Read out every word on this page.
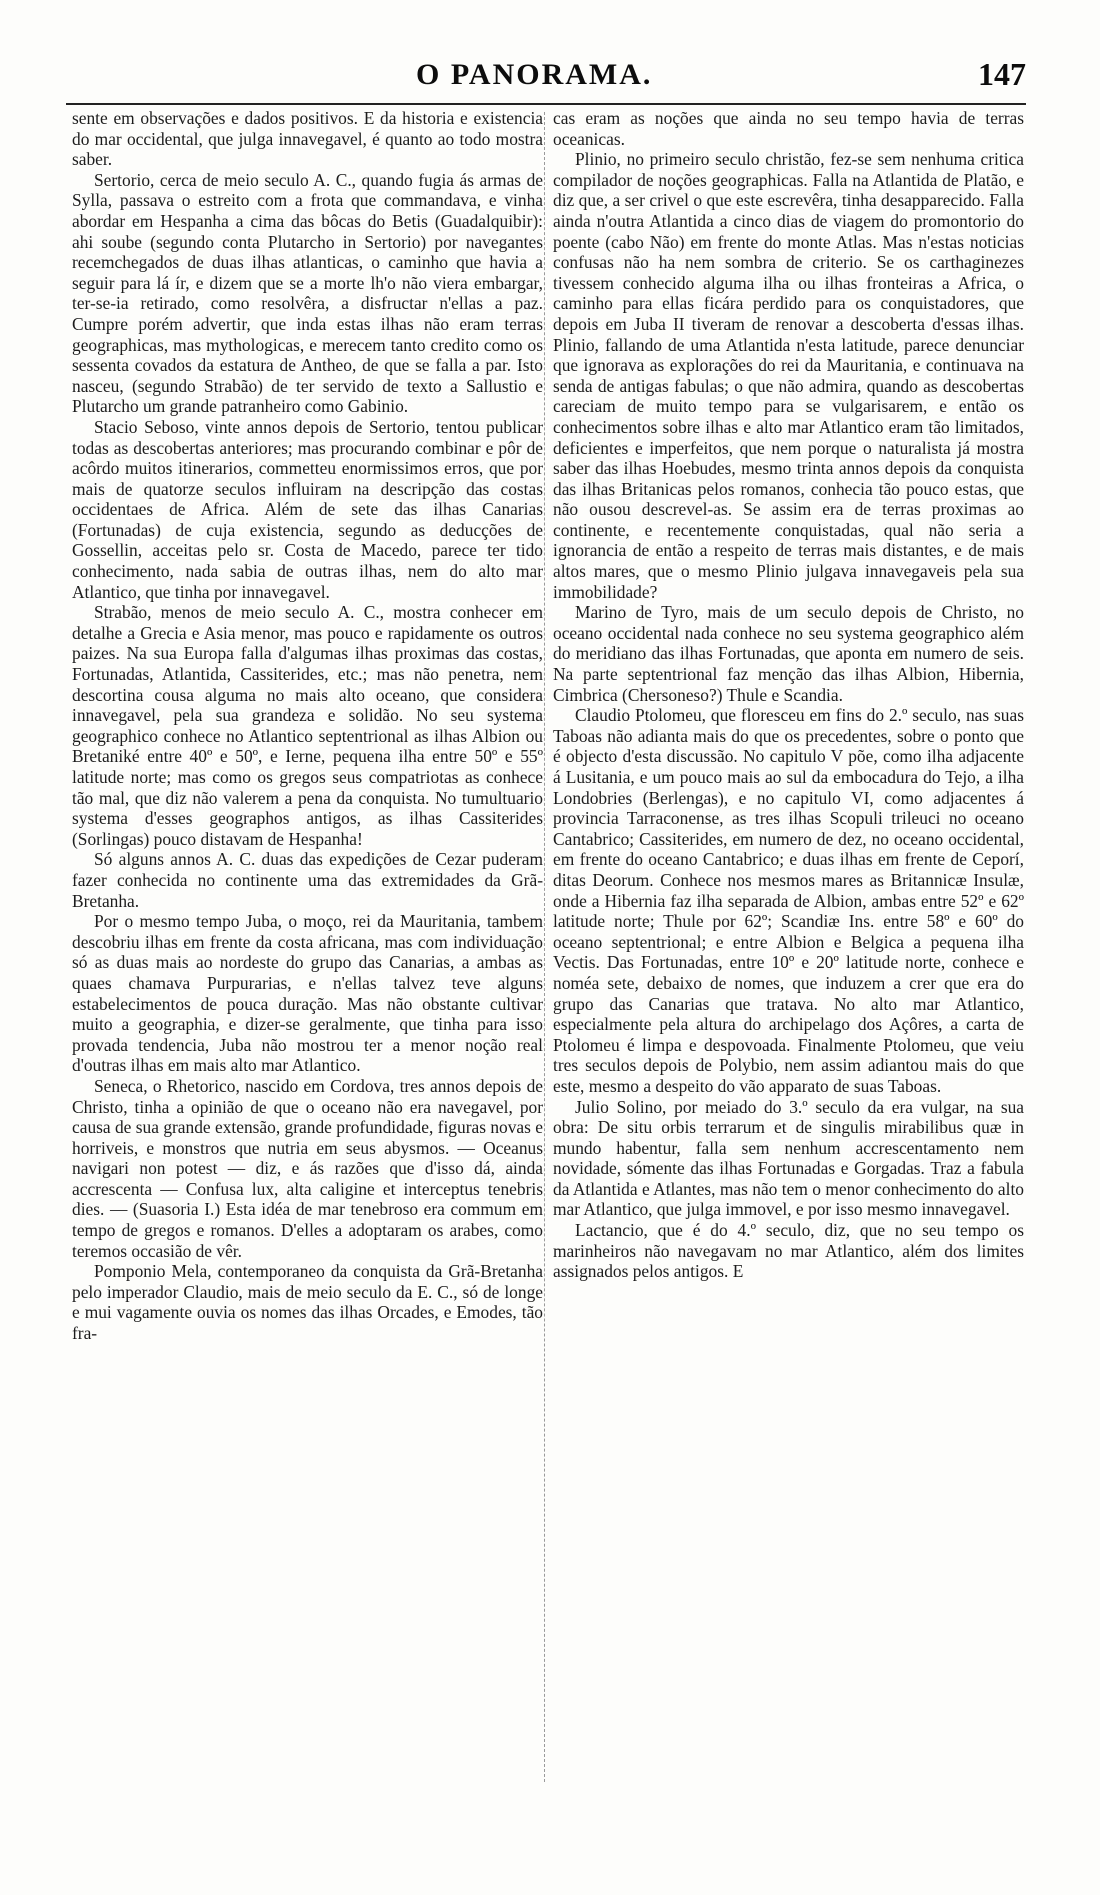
O PANORAMA.	147

sente em observações e dados positivos. E da historia e existencia do mar occidental, que julga innavegavel, é quanto ao todo mostra saber.

Sertorio, cerca de meio seculo A. C., quando fugia ás armas de Sylla, passava o estreito com a frota que commandava, e vinha abordar em Hespanha a cima das bôcas do Betis (Guadalquibir): ahi soube (segundo conta Plutarcho in Sertorio) por navegantes recemchegados de duas ilhas atlanticas, o caminho que havia a seguir para lá ír, e dizem que se a morte lh'o não viera embargar, ter-se-ia retirado, como resolvêra, a disfructar n'ellas a paz. Cumpre porém advertir, que inda estas ilhas não eram terras geographicas, mas mythologicas, e merecem tanto credito como os sessenta covados da estatura de Antheo, de que se falla a par. Isto nasceu, (segundo Strabão) de ter servido de texto a Sallustio e Plutarcho um grande patranheiro como Gabinio.

Stacio Seboso, vinte annos depois de Sertorio, tentou publicar todas as descobertas anteriores; mas procurando combinar e pôr de acôrdo muitos itinerarios, commetteu enormissimos erros, que por mais de quatorze seculos influiram na descripção das costas occidentaes de Africa. Além de sete das ilhas Canarias (Fortunadas) de cuja existencia, segundo as deducções de Gossellin, acceitas pelo sr. Costa de Macedo, parece ter tido conhecimento, nada sabia de outras ilhas, nem do alto mar Atlantico, que tinha por innavegavel.

Strabão, menos de meio seculo A. C., mostra conhecer em detalhe a Grecia e Asia menor, mas pouco e rapidamente os outros paizes. Na sua Europa falla d'algumas ilhas proximas das costas, Fortunadas, Atlantida, Cassiterides, etc.; mas não penetra, nem descortina cousa alguma no mais alto oceano, que considera innavegavel, pela sua grandeza e solidão. No seu systema geographico conhece no Atlantico septentrional as ilhas Albion ou Bretaniké entre 40º e 50º, e Ierne, pequena ilha entre 50º e 55º latitude norte; mas como os gregos seus compatriotas as conhece tão mal, que diz não valerem a pena da conquista. No tumultuario systema d'esses geographos antigos, as ilhas Cassiterides (Sorlingas) pouco distavam de Hespanha!

Só alguns annos A. C. duas das expedições de Cezar puderam fazer conhecida no continente uma das extremidades da Grã-Bretanha.

Por o mesmo tempo Juba, o moço, rei da Mauritania, tambem descobriu ilhas em frente da costa africana, mas com individuação só as duas mais ao nordeste do grupo das Canarias, a ambas as quaes chamava Purpurarias, e n'ellas talvez teve alguns estabelecimentos de pouca duração. Mas não obstante cultivar muito a geographia, e dizer-se geralmente, que tinha para isso provada tendencia, Juba não mostrou ter a menor noção real d'outras ilhas em mais alto mar Atlantico.

Seneca, o Rhetorico, nascido em Cordova, tres annos depois de Christo, tinha a opinião de que o oceano não era navegavel, por causa de sua grande extensão, grande profundidade, figuras novas e horriveis, e monstros que nutria em seus abysmos. — Oceanus navigari non potest — diz, e ás razões que d'isso dá, ainda accrescenta — Confusa lux, alta caligine et interceptus tenebris dies. — (Suasoria I.) Esta idéa de mar tenebroso era commum em tempo de gregos e romanos. D'elles a adoptaram os arabes, como teremos occasião de vêr.

Pomponio Mela, contemporaneo da conquista da Grã-Bretanha pelo imperador Claudio, mais de meio seculo da E. C., só de longe e mui vagamente ouvia os nomes das ilhas Orcades, e Emodes, tão fra-

cas eram as noções que ainda no seu tempo havia de terras oceanicas.

Plinio, no primeiro seculo christão, fez-se sem nenhuma critica compilador de noções geographicas. Falla na Atlantida de Platão, e diz que, a ser crivel o que este escrevêra, tinha desapparecido. Falla ainda n'outra Atlantida a cinco dias de viagem do promontorio do poente (cabo Não) em frente do monte Atlas. Mas n'estas noticias confusas não ha nem sombra de criterio. Se os carthaginezes tivessem conhecido alguma ilha ou ilhas fronteiras a Africa, o caminho para ellas ficára perdido para os conquistadores, que depois em Juba II tiveram de renovar a descoberta d'essas ilhas. Plinio, fallando de uma Atlantida n'esta latitude, parece denunciar que ignorava as explorações do rei da Mauritania, e continuava na senda de antigas fabulas; o que não admira, quando as descobertas careciam de muito tempo para se vulgarisarem, e então os conhecimentos sobre ilhas e alto mar Atlantico eram tão limitados, deficientes e imperfeitos, que nem porque o naturalista já mostra saber das ilhas Hoebudes, mesmo trinta annos depois da conquista das ilhas Britanicas pelos romanos, conhecia tão pouco estas, que não ousou descrevel-as. Se assim era de terras proximas ao continente, e recentemente conquistadas, qual não seria a ignorancia de então a respeito de terras mais distantes, e de mais altos mares, que o mesmo Plinio julgava innavegaveis pela sua immobilidade?

Marino de Tyro, mais de um seculo depois de Christo, no oceano occidental nada conhece no seu systema geographico além do meridiano das ilhas Fortunadas, que aponta em numero de seis. Na parte septentrional faz menção das ilhas Albion, Hibernia, Cimbrica (Chersoneso?) Thule e Scandia.

Claudio Ptolomeu, que floresceu em fins do 2.º seculo, nas suas Taboas não adianta mais do que os precedentes, sobre o ponto que é objecto d'esta discussão. No capitulo V põe, como ilha adjacente á Lusitania, e um pouco mais ao sul da embocadura do Tejo, a ilha Londobries (Berlengas), e no capitulo VI, como adjacentes á provincia Tarraconense, as tres ilhas Scopuli trileuci no oceano Cantabrico; Cassiterides, em numero de dez, no oceano occidental, em frente do oceano Cantabrico; e duas ilhas em frente de Ceporí, ditas Deorum. Conhece nos mesmos mares as Britannicæ Insulæ, onde a Hibernia faz ilha separada de Albion, ambas entre 52º e 62º latitude norte; Thule por 62º; Scandiæ Ins. entre 58º e 60º do oceano septentrional; e entre Albion e Belgica a pequena ilha Vectis. Das Fortunadas, entre 10º e 20º latitude norte, conhece e noméa sete, debaixo de nomes, que induzem a crer que era do grupo das Canarias que tratava. No alto mar Atlantico, especialmente pela altura do archipelago dos Açôres, a carta de Ptolomeu é limpa e despovoada. Finalmente Ptolomeu, que veiu tres seculos depois de Polybio, nem assim adiantou mais do que este, mesmo a despeito do vão apparato de suas Taboas.

Julio Solino, por meiado do 3.º seculo da era vulgar, na sua obra: De situ orbis terrarum et de singulis mirabilibus quæ in mundo habentur, falla sem nenhum accrescentamento nem novidade, sómente das ilhas Fortunadas e Gorgadas. Traz a fabula da Atlantida e Atlantes, mas não tem o menor conhecimento do alto mar Atlantico, que julga immovel, e por isso mesmo innavegavel.

Lactancio, que é do 4.º seculo, diz, que no seu tempo os marinheiros não navegavam no mar Atlantico, além dos limites assignados pelos antigos. E
